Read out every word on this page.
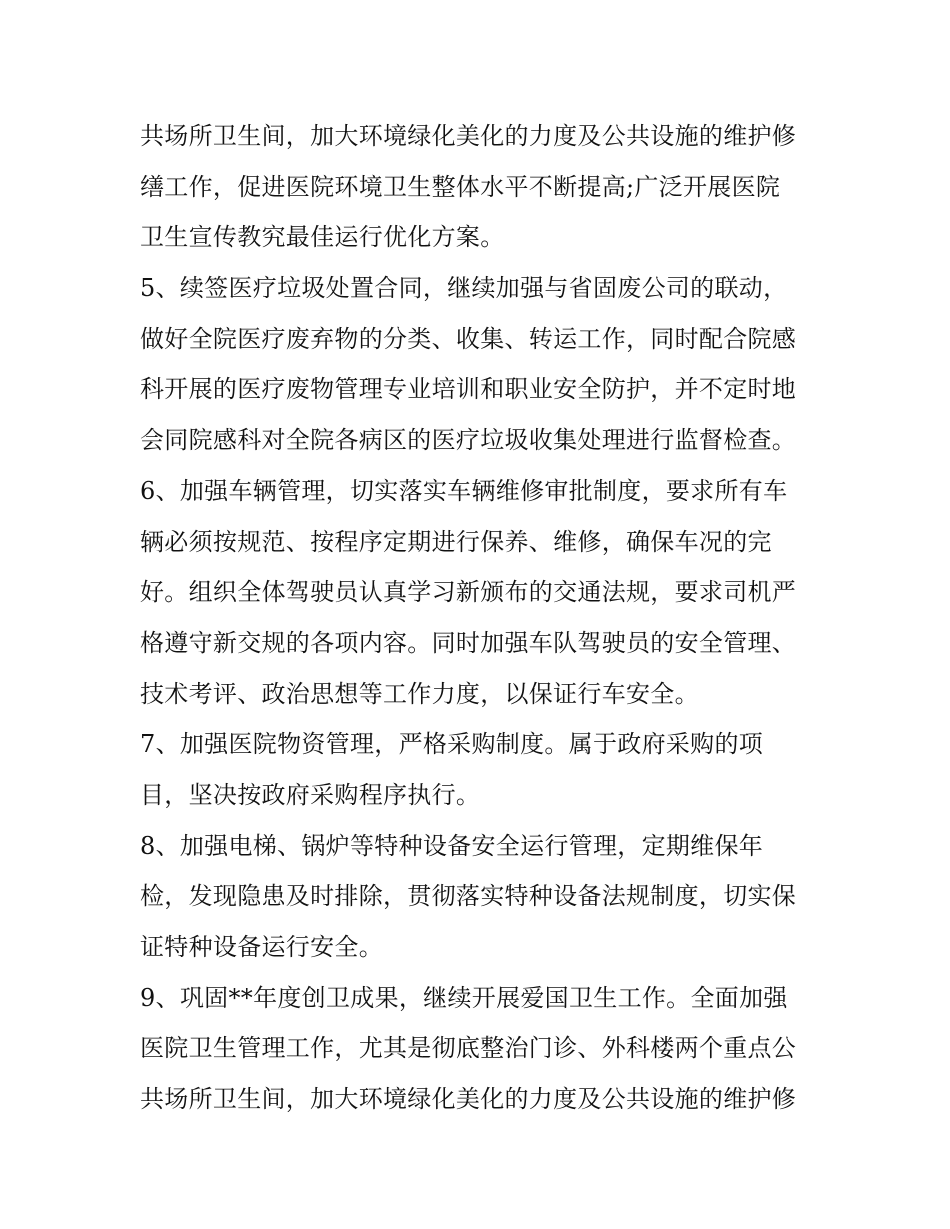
共场所卫生间，加大环境绿化美化的力度及公共设施的维护修
缮工作，促进医院环境卫生整体水平不断提高;广泛开展医院
卫生宣传教究最佳运行优化方案。
5、续签医疗垃圾处置合同，继续加强与省固废公司的联动，
做好全院医疗废弃物的分类、收集、转运工作，同时配合院感
科开展的医疗废物管理专业培训和职业安全防护，并不定时地
会同院感科对全院各病区的医疗垃圾收集处理进行监督检查。
6、加强车辆管理，切实落实车辆维修审批制度，要求所有车
辆必须按规范、按程序定期进行保养、维修，确保车况的完
好。组织全体驾驶员认真学习新颁布的交通法规，要求司机严
格遵守新交规的各项内容。同时加强车队驾驶员的安全管理、
技术考评、政治思想等工作力度，以保证行车安全。
7、加强医院物资管理，严格采购制度。属于政府采购的项
目，坚决按政府采购程序执行。
8、加强电梯、锅炉等特种设备安全运行管理，定期维保年
检，发现隐患及时排除，贯彻落实特种设备法规制度，切实保
证特种设备运行安全。
9、巩固**年度创卫成果，继续开展爱国卫生工作。全面加强
医院卫生管理工作，尤其是彻底整治门诊、外科楼两个重点公
共场所卫生间，加大环境绿化美化的力度及公共设施的维护修
